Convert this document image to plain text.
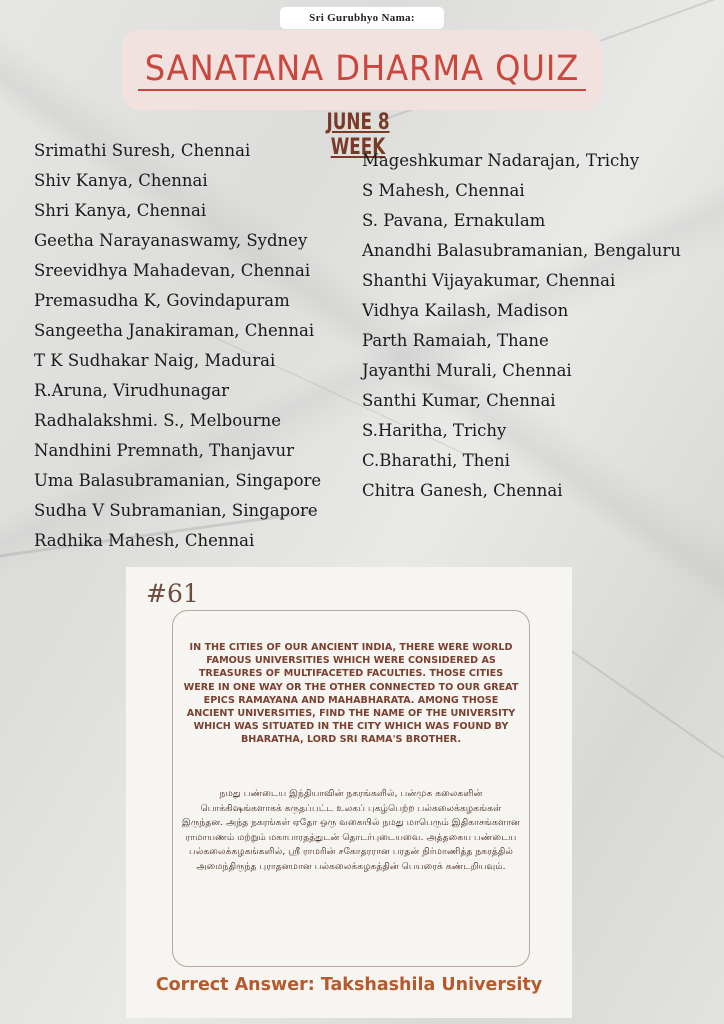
Sri Gurubhyo Nama:
SANATANA DHARMA QUIZ
JUNE 8 WEEK
Srimathi Suresh, Chennai
Shiv Kanya, Chennai
Shri Kanya, Chennai
Geetha Narayanaswamy, Sydney
Sreevidhya Mahadevan, Chennai
Premasudha K, Govindapuram
Sangeetha Janakiraman, Chennai
T K Sudhakar Naig, Madurai
R.Aruna, Virudhunagar
Radhalakshmi. S., Melbourne
Nandhini Premnath, Thanjavur
Uma Balasubramanian, Singapore
Sudha V Subramanian, Singapore
Radhika Mahesh, Chennai
Mageshkumar Nadarajan, Trichy
S Mahesh, Chennai
S. Pavana, Ernakulam
Anandhi Balasubramanian, Bengaluru
Shanthi Vijayakumar, Chennai
Vidhya Kailash, Madison
Parth Ramaiah, Thane
Jayanthi Murali, Chennai
Santhi Kumar, Chennai
S.Haritha, Trichy
C.Bharathi, Theni
Chitra Ganesh, Chennai
#61
IN THE CITIES OF OUR ANCIENT INDIA, THERE WERE WORLD FAMOUS UNIVERSITIES WHICH WERE CONSIDERED AS TREASURES OF MULTIFACETED FACULTIES. THOSE CITIES WERE IN ONE WAY OR THE OTHER CONNECTED TO OUR GREAT EPICS RAMAYANA AND MAHABHARATA. AMONG THOSE ANCIENT UNIVERSITIES, FIND THE NAME OF THE UNIVERSITY WHICH WAS SITUATED IN THE CITY WHICH WAS FOUND BY BHARATHA, LORD SRI RAMA'S BROTHER.
நமது பண்டைய இந்தியாவின் நகரங்களில், பன்முக கலைகளின் பொக்கிஷங்களாகக் கருதப்பட்ட உலகப் புகழ்பெற்ற பல்கலைக்கழகங்கள் இருந்தன. அந்த நகரங்கள் ஏதோ ஒரு வகையில் நமது மாபெரும் இதிகாசங்களான ராமாயணம் மற்றும் மகாபாரதத்துடன் தொடர்புடையவை. அத்தகைய பண்டைய பல்கலைக்கழகங்களில், ஸ்ரீ ராமரின் சகோதரரான பரதன் நிர்மாணித்த நகரத்தில் அமைந்திருந்த புராதனமான பல்கலைக்கழகத்தின் பெயரைக் கண்டறியவும்.
Correct Answer: Takshashila University
